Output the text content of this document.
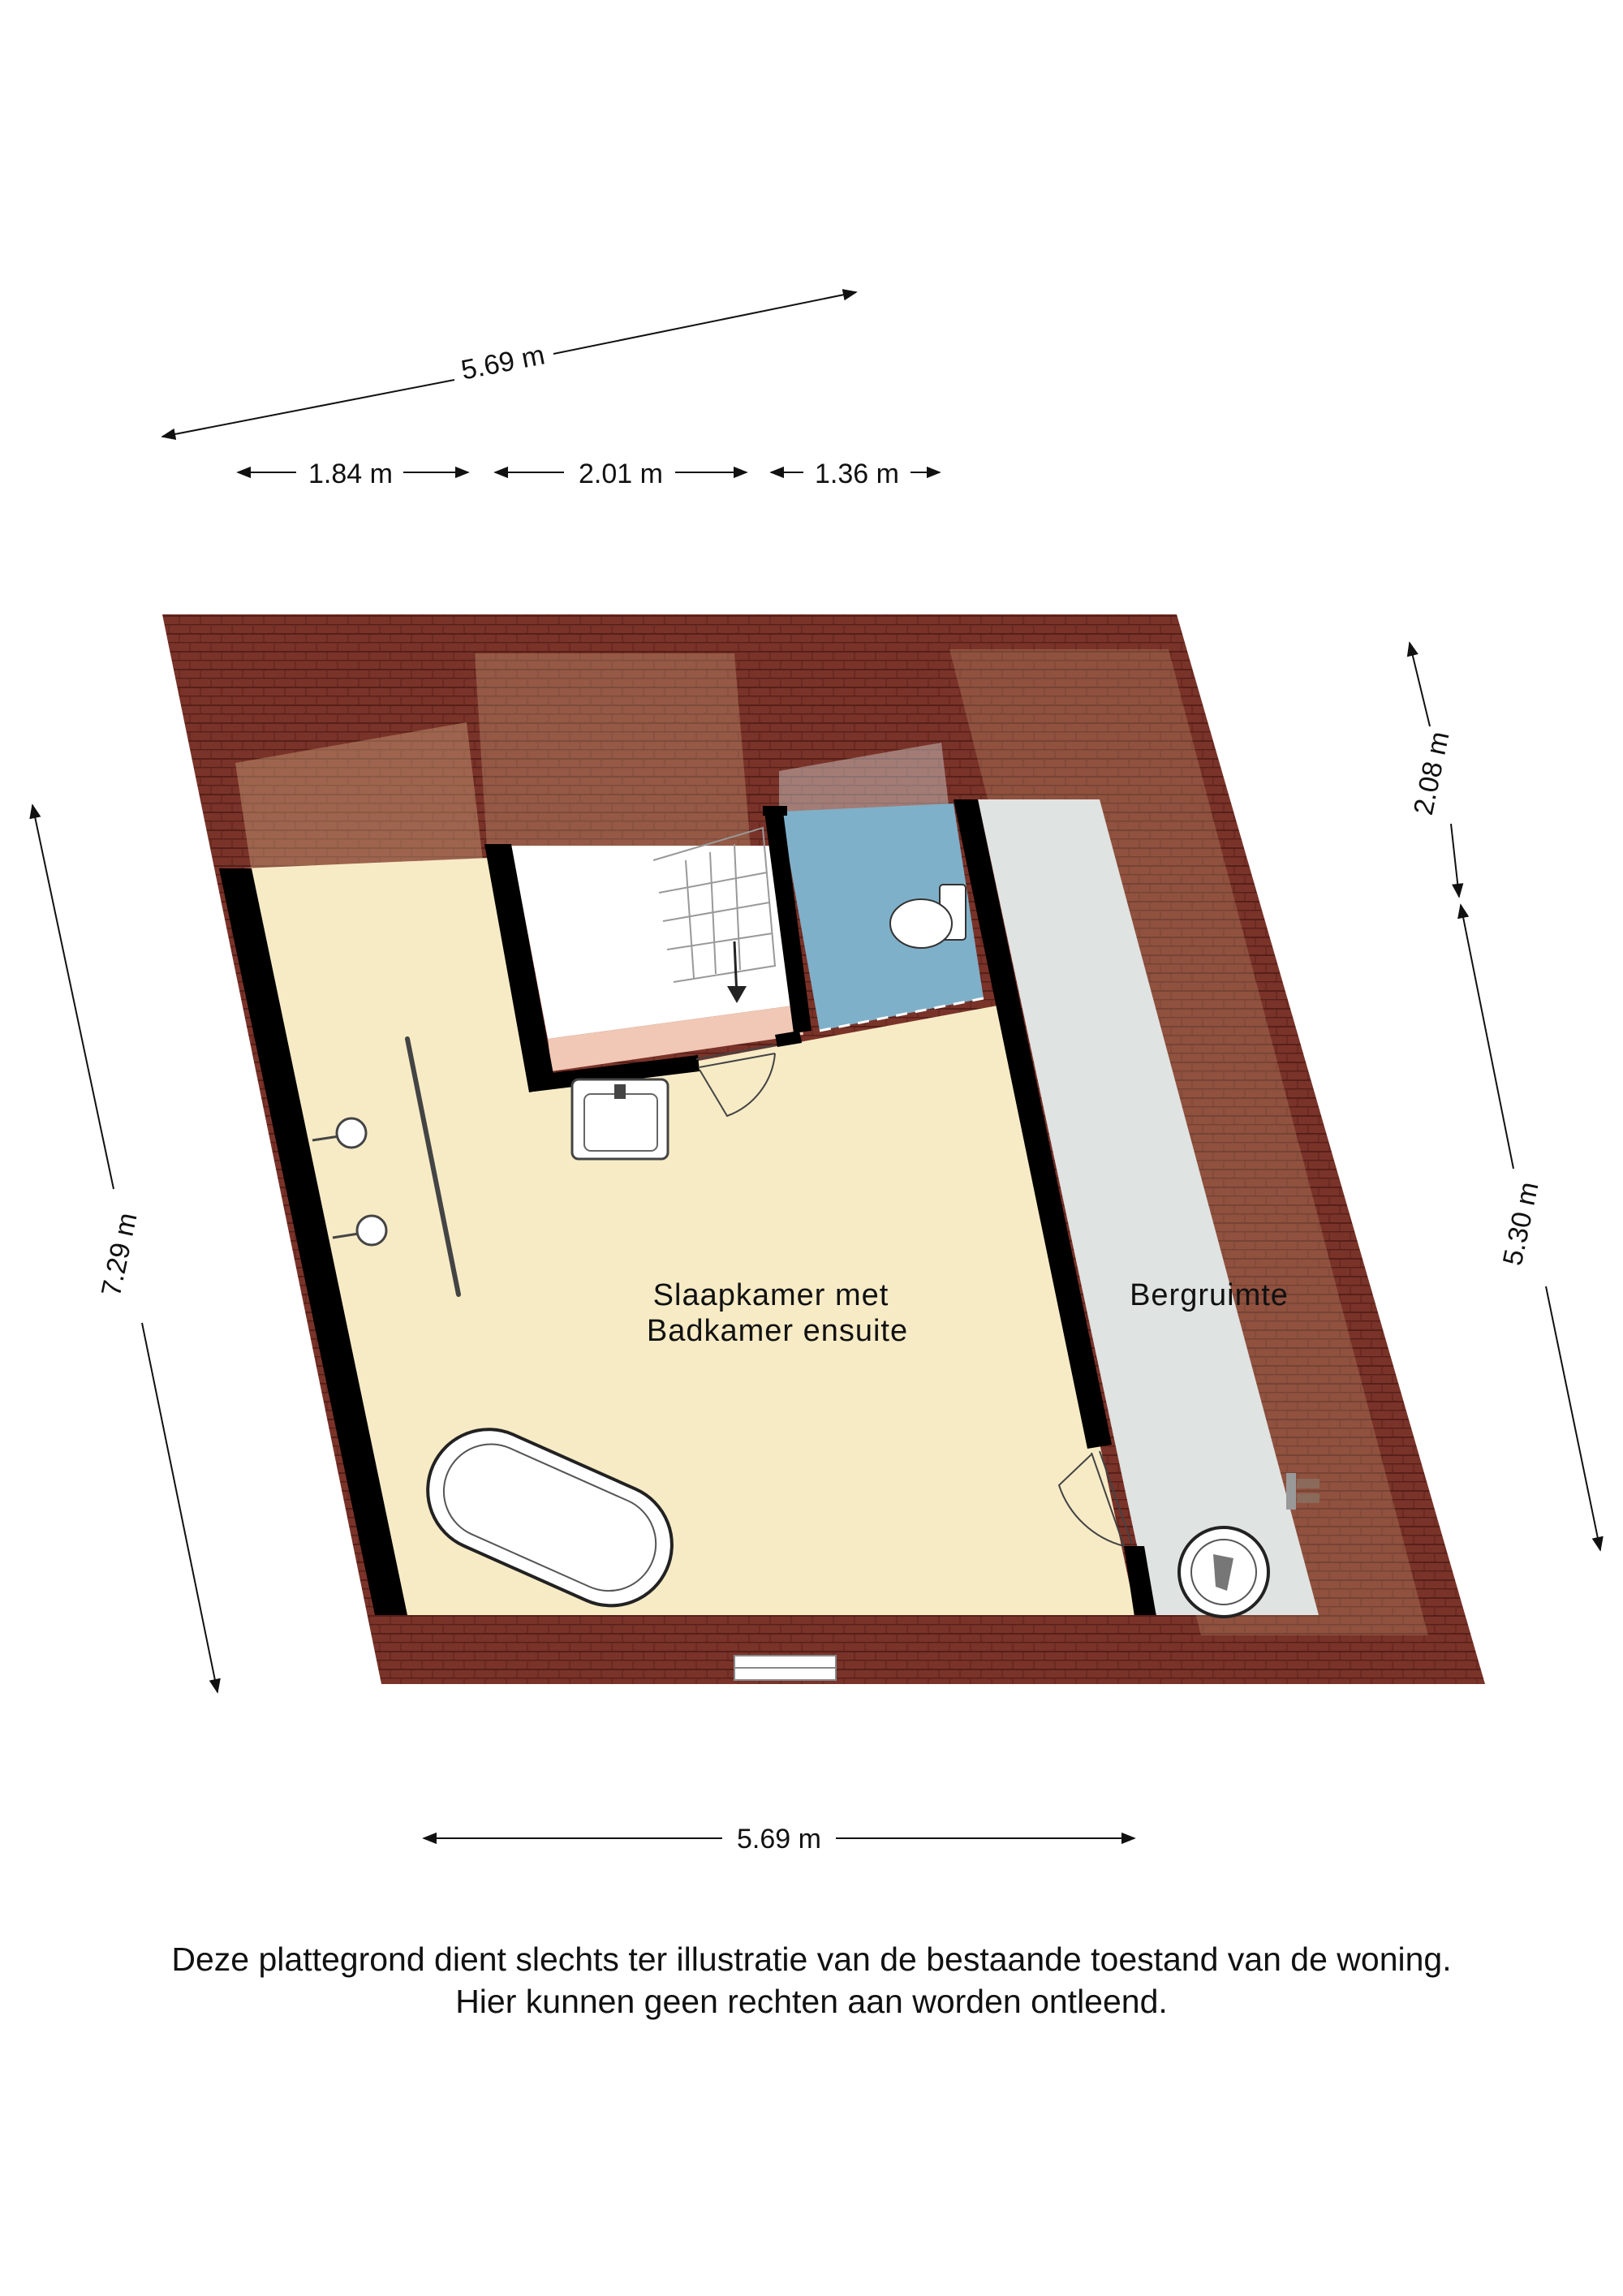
Slaapkamer met
Badkamer ensuite
Bergruimte
5.69 m
1.84 m	2.01 m	1.36 m
7.29 m
2.08 m
5.30 m
5.69 m
Deze plattegrond dient slechts ter illustratie van de bestaande toestand van de woning.
Hier kunnen geen rechten aan worden ontleend.
